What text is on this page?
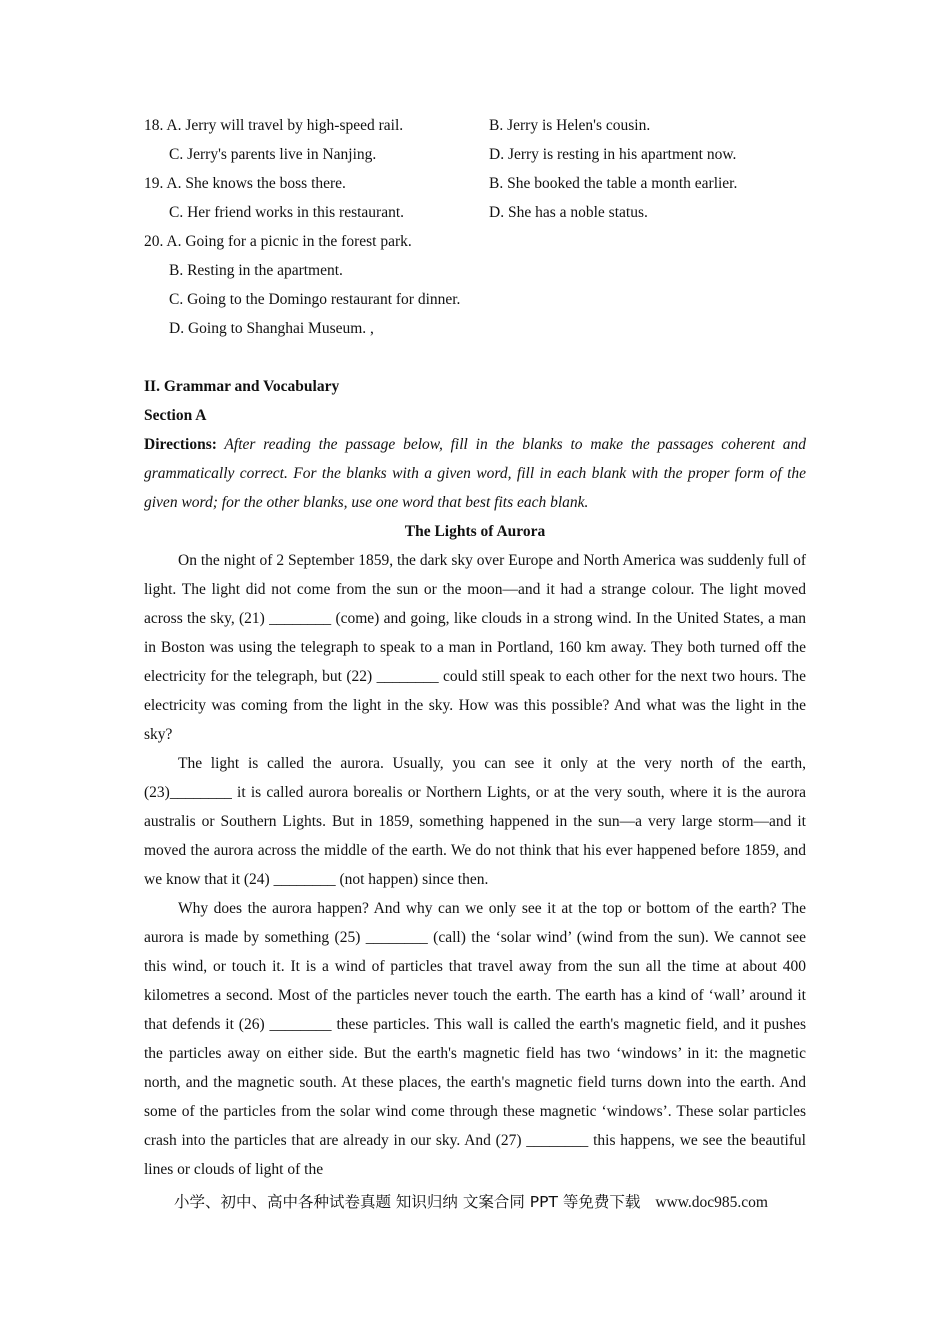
18. A. Jerry will travel by high-speed rail.	B. Jerry is Helen's cousin.
C. Jerry's parents live in Nanjing.	D. Jerry is resting in his apartment now.
19. A. She knows the boss there.	B. She booked the table a month earlier.
C. Her friend works in this restaurant.	D. She has a noble status.
20. A. Going for a picnic in the forest park.
B. Resting in the apartment.
C. Going to the Domingo restaurant for dinner.
D. Going to Shanghai Museum. ,
II. Grammar and Vocabulary
Section A

Directions: After reading the passage below, fill in the blanks to make the passages coherent and grammatically correct. For the blanks with a given word, fill in each blank with the proper form of the given word; for the other blanks, use one word that best fits each blank.

The Lights of Aurora

On the night of 2 September 1859, the dark sky over Europe and North America was suddenly full of light. The light did not come from the sun or the moon—and it had a strange colour. The light moved across the sky, (21) ________ (come) and going, like clouds in a strong wind. In the United States, a man in Boston was using the telegraph to speak to a man in Portland, 160 km away. They both turned off the electricity for the telegraph, but (22) ________ could still speak to each other for the next two hours. The electricity was coming from the light in the sky. How was this possible? And what was the light in the sky?

The light is called the aurora. Usually, you can see it only at the very north of the earth, (23)________ it is called aurora borealis or Northern Lights, or at the very south, where it is the aurora australis or Southern Lights. But in 1859, something happened in the sun—a very large storm—and it moved the aurora across the middle of the earth. We do not think that his ever happened before 1859, and we know that it (24) ________ (not happen) since then.

Why does the aurora happen? And why can we only see it at the top or bottom of the earth? The aurora is made by something (25) ________ (call) the ‘solar wind’ (wind from the sun). We cannot see this wind, or touch it. It is a wind of particles that travel away from the sun all the time at about 400 kilometres a second. Most of the particles never touch the earth. The earth has a kind of ‘wall’ around it that defends it (26) ________ these particles. This wall is called the earth's magnetic field, and it pushes the particles away on either side. But the earth's magnetic field has two ‘windows’ in it: the magnetic north, and the magnetic south. At these places, the earth's magnetic field turns down into the earth. And some of the particles from the solar wind come through these magnetic ‘windows’. These solar particles crash into the particles that are already in our sky. And (27) ________ this happens, we see the beautiful lines or clouds of light of the

小学、初中、高中各种试卷真题 知识归纳 文案合同 PPT 等免费下载 www.doc985.com
